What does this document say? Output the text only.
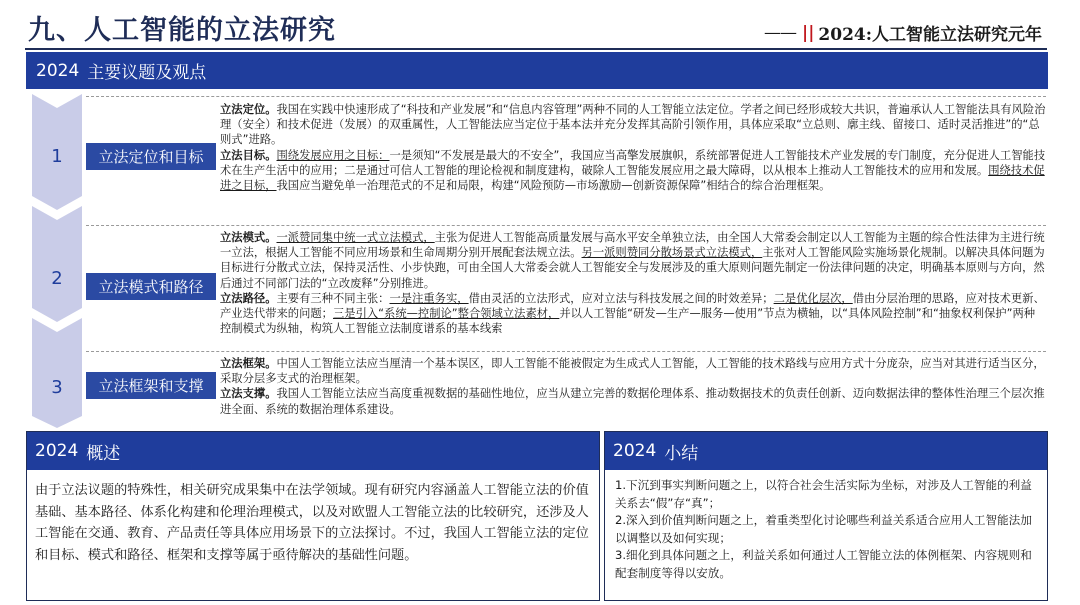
九、人工智能的立法研究	—— || 2024:人工智能立法研究元年
2024 主要议题及观点
1
2
3
立法定位和目标
立法定位。我国在实践中快速形成了“科技和产业发展”和“信息内容管理”两种不同的人工智能立法定位。学者之间已经形成较大共识，普遍承认人工智能法具有风险治理（安全）和技术促进（发展）的双重属性，人工智能法应当定位于基本法并充分发挥其高阶引领作用，具体应采取“立总则、廓主线、留接口、适时灵活推进”的“总则式”进路。
立法目标。围绕发展应用之目标：一是须知“不发展是最大的不安全”，我国应当高擎发展旗帜，系统部署促进人工智能技术产业发展的专门制度，充分促进人工智能技术在生产生活中的应用；二是通过可信人工智能的理论检视和制度建构，破除人工智能发展应用之最大障碍，以从根本上推动人工智能技术的应用和发展。围绕技术促进之目标，我国应当避免单一治理范式的不足和局限，构建“风险预防—市场激励—创新资源保障”相结合的综合治理框架。
立法模式和路径
立法模式。一派赞同集中统一式立法模式，主张为促进人工智能高质量发展与高水平安全单独立法，由全国人大常委会制定以人工智能为主题的综合性法律为主进行统一立法，根据人工智能不同应用场景和生命周期分别开展配套法规立法。另一派则赞同分散场景式立法模式，主张对人工智能风险实施场景化规制。以解决具体问题为目标进行分散式立法，保持灵活性、小步快跑，可由全国人大常委会就人工智能安全与发展涉及的重大原则问题先制定一份法律问题的决定，明确基本原则与方向，然后通过不同部门法的“立改废释”分别推进。
立法路径。主要有三种不同主张：一是注重务实，借由灵活的立法形式，应对立法与科技发展之间的时效差异；二是优化层次，借由分层治理的思路，应对技术更新、产业迭代带来的问题；三是引入“系统—控制论”整合领域立法素材，并以人工智能“研发—生产—服务—使用”节点为横轴，以“具体风险控制”和“抽象权利保护”两种控制模式为纵轴，构筑人工智能立法制度谱系的基本线索
立法框架和支撑
立法框架。中国人工智能立法应当厘清一个基本误区，即人工智能不能被假定为生成式人工智能，人工智能的技术路线与应用方式十分庞杂，应当对其进行适当区分，采取分层多支式的治理框架。
立法支撑。我国人工智能立法应当高度重视数据的基础性地位，应当从建立完善的数据伦理体系、推动数据技术的负责任创新、迈向数据法律的整体性治理三个层次推进全面、系统的数据治理体系建设。
2024 概述
由于立法议题的特殊性，相关研究成果集中在法学领域。现有研究内容涵盖人工智能立法的价值基础、基本路径、体系化构建和伦理治理模式，以及对欧盟人工智能立法的比较研究，还涉及人工智能在交通、教育、产品责任等具体应用场景下的立法探讨。不过，我国人工智能立法的定位和目标、模式和路径、框架和支撑等属于亟待解决的基础性问题。
2024 小结
1.下沉到事实判断问题之上，以符合社会生活实际为坐标，对涉及人工智能的利益关系去“假”存“真”；
2.深入到价值判断问题之上，着重类型化讨论哪些利益关系适合应用人工智能法加以调整以及如何实现；
3.细化到具体问题之上，利益关系如何通过人工智能立法的体例框架、内容规则和配套制度等得以安放。
